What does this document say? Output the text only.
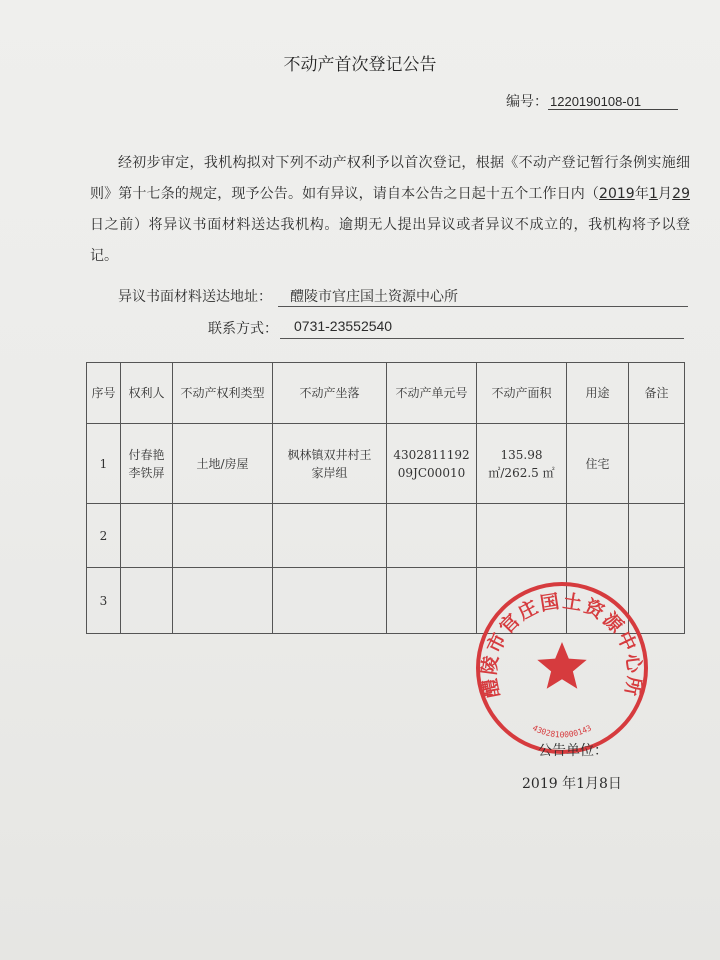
不动产首次登记公告
编号： 1220190108-01
经初步审定，我机构拟对下列不动产权利予以首次登记，根据《不动产登记暂行条例实施细则》第十七条的规定，现予公告。如有异议，请自本公告之日起十五个工作日内（2019年1月29日之前）将异议书面材料送达我机构。逾期无人提出异议或者异议不成立的，我机构将予以登记。
异议书面材料送达地址： 醴陵市官庄国土资源中心所
联系方式： 0731-23552540
序号	权利人	不动产权利类型	不动产坐落	不动产单元号	不动产面积	用途	备注
1	付春艳 李铁屏	土地/房屋	枫林镇双井村王家岸组	430281119209JC00010	135.98 ㎡/262.5 ㎡	住宅	
2							
3							
醴陵市官庄国土资源中心所
4302810000143
公告单位：
2019 年1月8日
